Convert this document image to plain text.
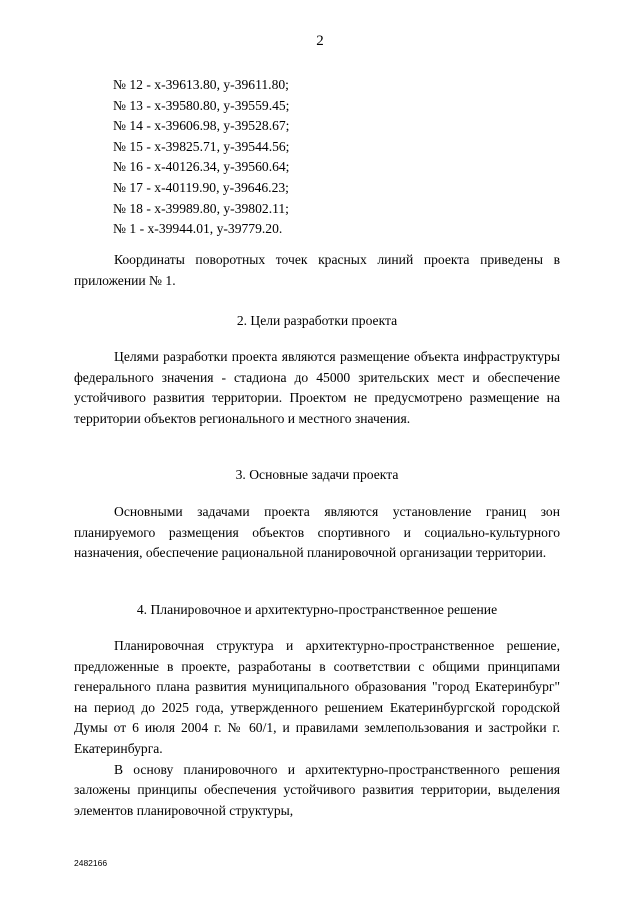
2
№ 12 - х-39613.80, у-39611.80;
№ 13 - х-39580.80, у-39559.45;
№ 14 - х-39606.98, у-39528.67;
№ 15 - х-39825.71, у-39544.56;
№ 16 - х-40126.34, у-39560.64;
№ 17 - х-40119.90, у-39646.23;
№ 18 - х-39989.80, у-39802.11;
№ 1 - х-39944.01, у-39779.20.

Координаты поворотных точек красных линий проекта приведены в приложении № 1.

2. Цели разработки проекта

Целями разработки проекта являются размещение объекта инфраструктуры федерального значения - стадиона до 45000 зрительских мест и обеспечение устойчивого развития территории. Проектом не предусмотрено размещение на территории объектов регионального и местного значения.

3. Основные задачи проекта

Основными задачами проекта являются установление границ зон планируемого размещения объектов спортивного и социально-культурного назначения, обеспечение рациональной планировочной организации территории.

4. Планировочное и архитектурно-пространственное решение

Планировочная структура и архитектурно-пространственное решение, предложенные в проекте, разработаны в соответствии с общими принципами генерального плана развития муниципального образования "город Екатеринбург" на период до 2025 года, утвержденного решением Екатеринбургской городской Думы от 6 июля 2004 г. № 60/1, и правилами землепользования и застройки г. Екатеринбурга.

В основу планировочного и архитектурно-пространственного решения заложены принципы обеспечения устойчивого развития территории, выделения элементов планировочной структуры,

2482166
